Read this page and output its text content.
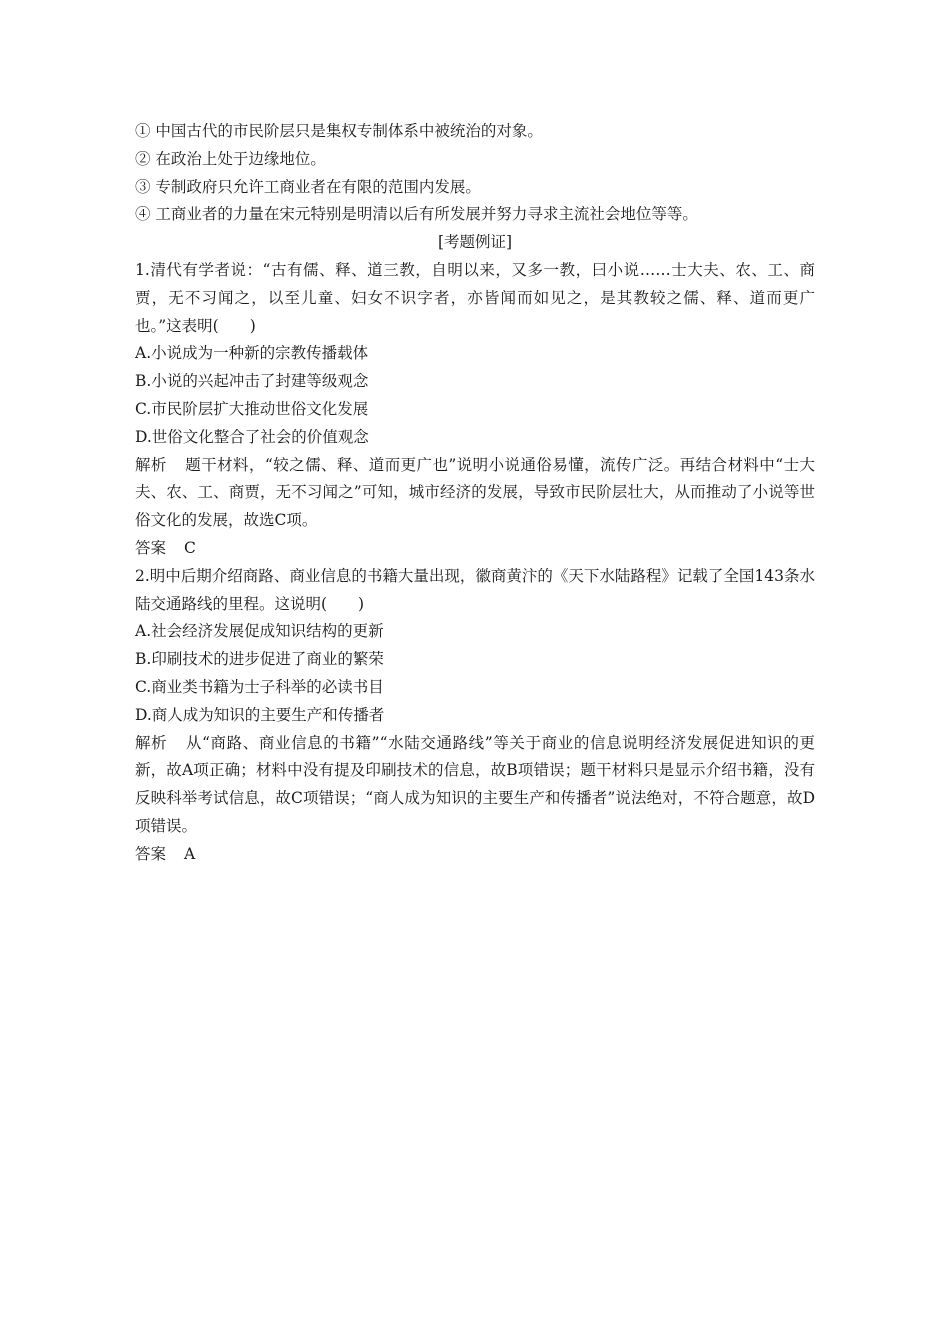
① 中国古代的市民阶层只是集权专制体系中被统治的对象。

② 在政治上处于边缘地位。

③ 专制政府只允许工商业者在有限的范围内发展。

④ 工商业者的力量在宋元特别是明清以后有所发展并努力寻求主流社会地位等等。

[考题例证]

1.清代有学者说：“古有儒、释、道三教，自明以来，又多一教，曰小说……士大夫、农、工、商贾，无不习闻之，以至儿童、妇女不识字者，亦皆闻而如见之，是其教较之儒、释、道而更广也。”这表明(　　)

A.小说成为一种新的宗教传播载体

B.小说的兴起冲击了封建等级观念

C.市民阶层扩大推动世俗文化发展

D.世俗文化整合了社会的价值观念

解析 题干材料，“较之儒、释、道而更广也”说明小说通俗易懂，流传广泛。再结合材料中“士大夫、农、工、商贾，无不习闻之”可知，城市经济的发展，导致市民阶层壮大，从而推动了小说等世俗文化的发展，故选C项。

答案 C

2.明中后期介绍商路、商业信息的书籍大量出现，徽商黄汴的《天下水陆路程》记载了全国143条水陆交通路线的里程。这说明(　　)

A.社会经济发展促成知识结构的更新

B.印刷技术的进步促进了商业的繁荣

C.商业类书籍为士子科举的必读书目

D.商人成为知识的主要生产和传播者

解析 从“商路、商业信息的书籍”“水陆交通路线”等关于商业的信息说明经济发展促进知识的更新，故A项正确；材料中没有提及印刷技术的信息，故B项错误；题干材料只是显示介绍书籍，没有反映科举考试信息，故C项错误；“商人成为知识的主要生产和传播者”说法绝对，不符合题意，故D项错误。

答案 A
